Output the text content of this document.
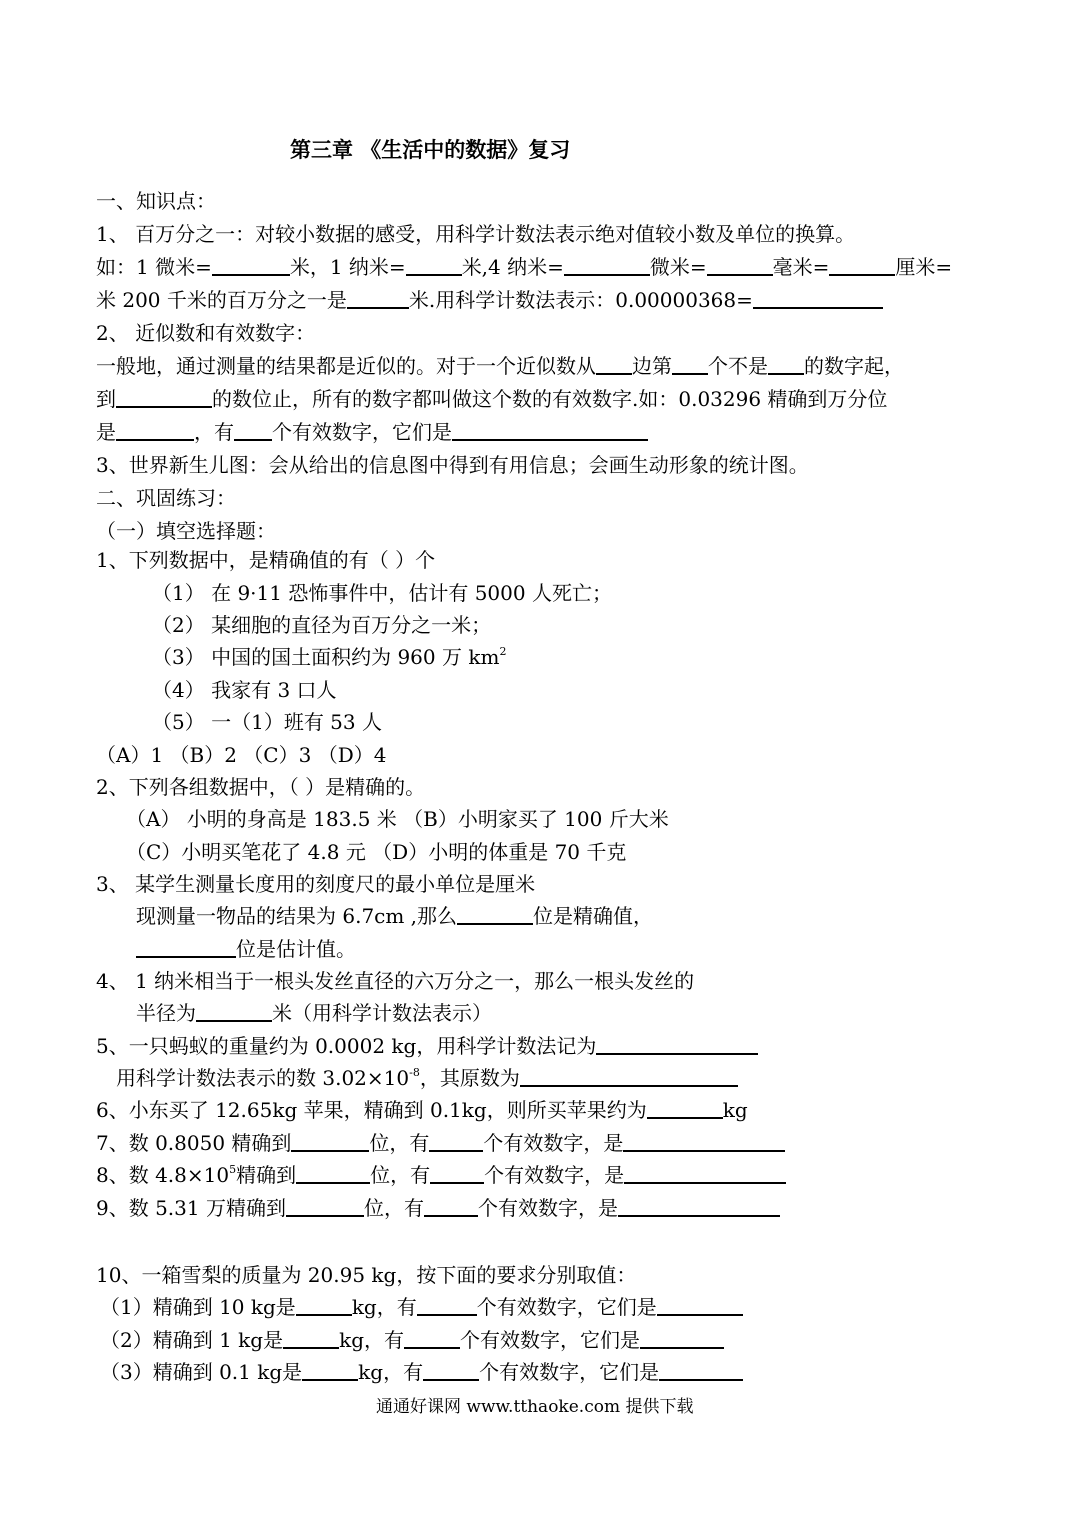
第三章 《生活中的数据》复习
一、知识点：
1、 百万分之一：对较小数据的感受，用科学计数法表示绝对值较小数及单位的换算。
如：1 微米=	米，1 纳米=	米,4 纳米=	微米=	毫米=	厘米=
米 200 千米的百万分之一是	米.用科学计数法表示：0.00000368=
2、 近似数和有效数字：
一般地，通过测量的结果都是近似的。对于一个近似数从 边第 个不是 的数字起，
到	的数位止，所有的数字都叫做这个数的有效数字.如：0.03296 精确到万分位
是	，有 个有效数字，它们是
3、世界新生儿图：会从给出的信息图中得到有用信息；会画生动形象的统计图。
二、巩固练习：
（一）填空选择题：
1、下列数据中，是精确值的有（ ）个
（1） 在 9·11 恐怖事件中，估计有 5000 人死亡；
（2） 某细胞的直径为百万分之一米；
（3） 中国的国土面积约为 960 万 $km^2$
（4） 我家有 3 口人
（5） 一（1）班有 53 人
（A）1 （B）2 （C）3 （D）4
2、下列各组数据中，（ ）是精确的。
（A） 小明的身高是 183.5 米 （B）小明家买了 100 斤大米
（C）小明买笔花了 4.8 元 （D）小明的体重是 70 千克
3、 某学生测量长度用的刻度尺的最小单位是厘米
现测量一物品的结果为 6.7cm ,那么	位是精确值，
位是估计值。
4、 1 纳米相当于一根头发丝直径的六万分之一，那么一根头发丝的
半径为	米（用科学计数法表示）
5、一只蚂蚁的重量约为 0.0002 kg，用科学计数法记为
用科学计数法表示的数 $3.02\times 10^{-8}$，其原数为
6、小东买了 12.65kg 苹果，精确到 0.1kg，则所买苹果约为	kg
7、数 0.8050 精确到	位，有	个有效数字，是
8、数 $4.8\times 10^5$精确到	位，有	个有效数字，是
9、数 5.31 万精确到	位，有	个有效数字，是
10、一箱雪梨的质量为 20.95 kg，按下面的要求分别取值：
（1）精确到 10 kg是	kg，有	个有效数字，它们是
（2）精确到 1 kg是	kg，有	个有效数字，它们是
（3）精确到 0.1 kg是	kg，有	个有效数字，它们是
通通好课网 www.tthaoke.com 提供下载
